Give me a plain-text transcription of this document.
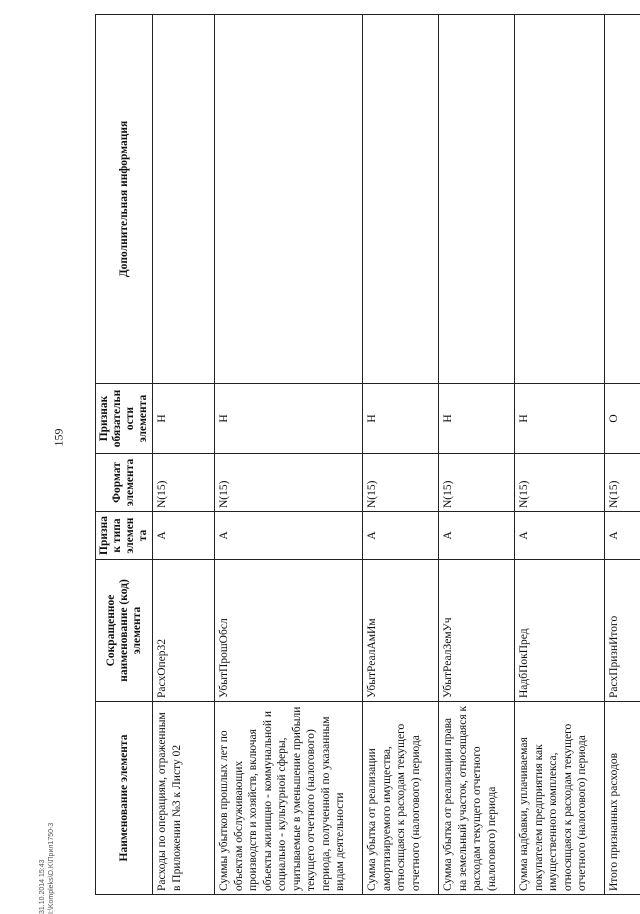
159
31.10.2014 15:43 I:\Kompleks\O.K\Прил1750-3
Наименование элемента	Сокращенное наименование (код) элемента	Признак типа элемента	Формат элемента	Признак обязательности элемента	Дополнительная информация
Расходы по операциям, отраженным в Приложении №3 к Листу 02	РасхОпер32	А	N(15)	Н	
Суммы убытков прошлых лет по объектам обслуживающих производств и хозяйств, включая объекты жилищно - коммунальной и социально - культурной сферы, учитываемые в уменьшение прибыли текущего отчетного (налогового) периода, полученной по указанным видам деятельности	УбытПрошОбсл	А	N(15)	Н	
Сумма убытка от реализации амортизируемого имущества, относящаяся к расходам текущего отчетного (налогового) периода	УбытРеалАмИм	А	N(15)	Н	
Сумма убытка от реализации права на земельный участок, относящаяся к расходам текущего отчетного (налогового) периода	УбытРеалЗемУч	А	N(15)	Н	
Сумма надбавки, уплачиваемая покупателем предприятия как имущественного комплекса, относящаяся к расходам текущего отчетного (налогового) периода	НадбПокПред	А	N(15)	Н	
Итого признанных расходов	РасхПризнИтого	А	N(15)	О	
